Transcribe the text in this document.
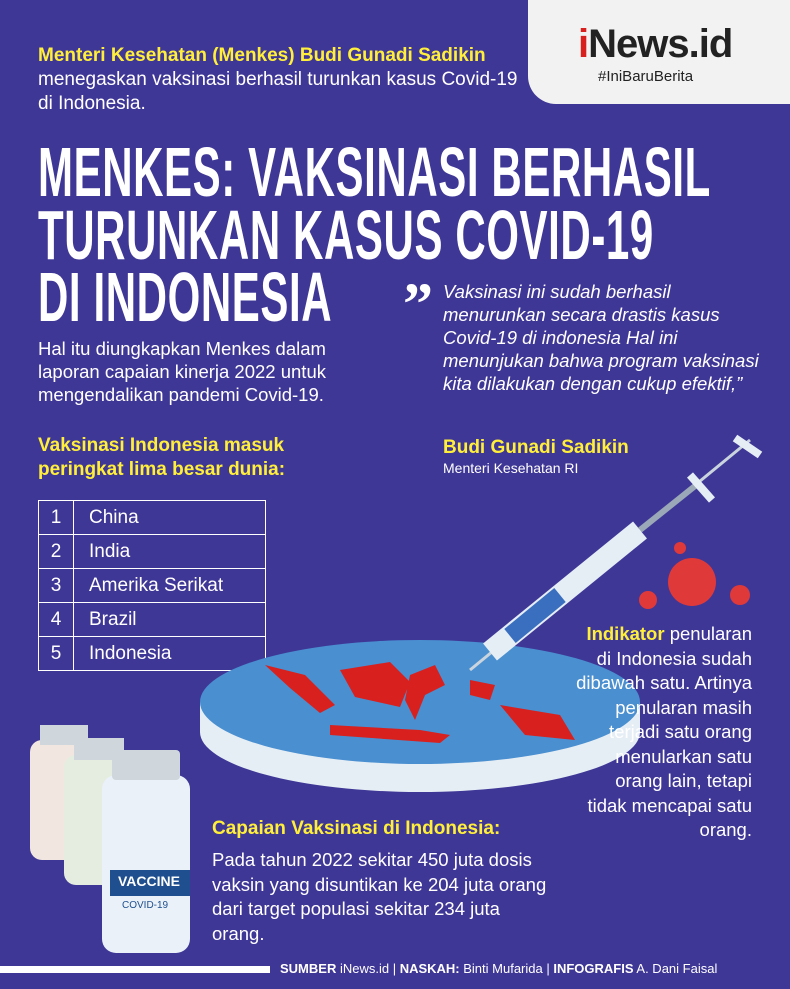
iNews.id
#IniBaruBerita
Menteri Kesehatan (Menkes) Budi Gunadi Sadikin menegaskan vaksinasi berhasil turunkan kasus Covid-19 di Indonesia.
MENKES: VAKSINASI BERHASIL
TURUNKAN KASUS COVID-19
DI INDONESIA
Hal itu diungkapkan Menkes dalam laporan capaian kinerja 2022 untuk mengendalikan pandemi Covid-19.
” Vaksinasi ini sudah berhasil menurunkan secara drastis kasus Covid-19 di indonesia Hal ini menunjukan bahwa program vaksinasi kita dilakukan dengan cukup efektif,”
Budi Gunadi Sadikin
Menteri Kesehatan RI
Vaksinasi Indonesia masuk peringkat lima besar dunia:
1	China
2	India
3	Amerika Serikat
4	Brazil
5	Indonesia
VACCINE
COVID-19
Indikator penularan di Indonesia sudah dibawah satu. Artinya penularan masih terjadi satu orang menularkan satu orang lain, tetapi tidak mencapai satu orang.
Capaian Vaksinasi di Indonesia:
Pada tahun 2022 sekitar 450 juta dosis vaksin yang disuntikan ke 204 juta orang dari target populasi sekitar 234 juta orang.
SUMBER iNews.id | NASKAH: Binti Mufarida | INFOGRAFIS A. Dani Faisal
